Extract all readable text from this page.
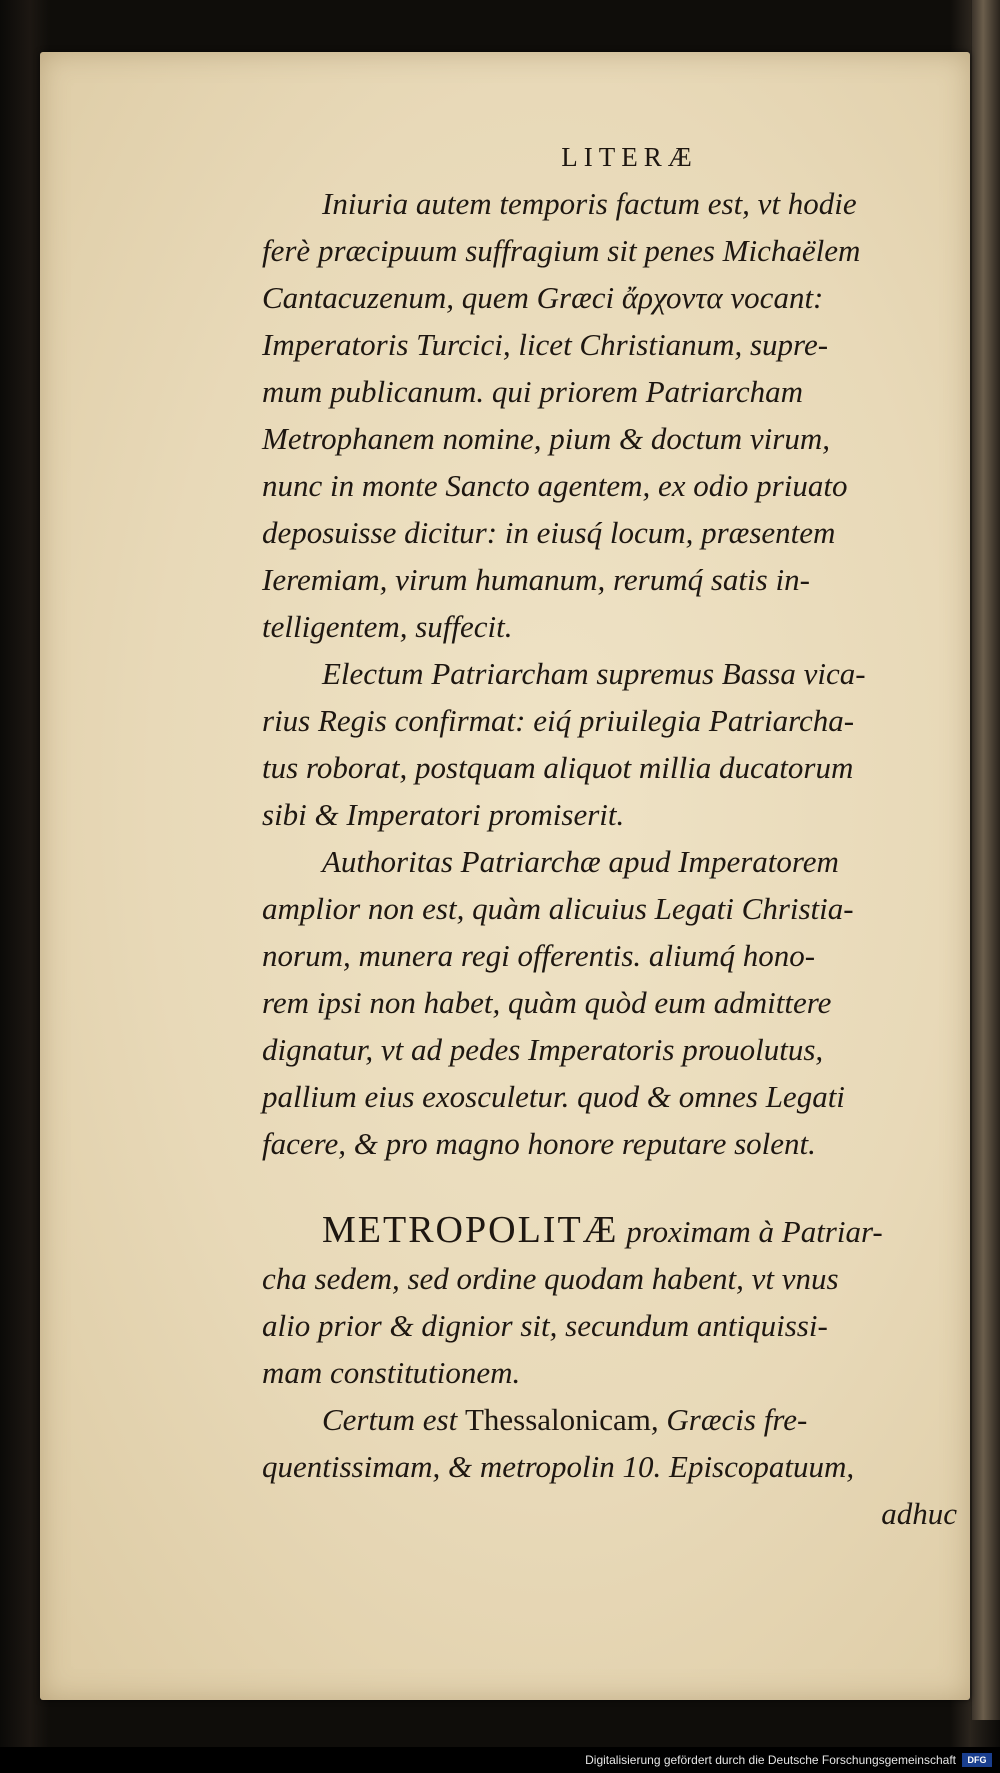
LITERÆ
Iniuria autem temporis factum est, vt hodie
ferè præcipuum suffragium sit penes Michaëlem
Cantacuzenum, quem Græci ἄρχοντα vocant:
Imperatoris Turcici, licet Christianum, supre-
mum publicanum. qui priorem Patriarcham
Metrophanem nomine, pium & doctum virum,
nunc in monte Sancto agentem, ex odio priuato
deposuisse dicitur: in eiusq́ locum, præsentem
Ieremiam, virum humanum, rerumq́ satis in-
telligentem, suffecit.
Electum Patriarcham supremus Bassa vica-
rius Regis confirmat: eiq́ priuilegia Patriarcha-
tus roborat, postquam aliquot millia ducatorum
sibi & Imperatori promiserit.
Authoritas Patriarchæ apud Imperatorem
amplior non est, quàm alicuius Legati Christia-
norum, munera regi offerentis. aliumq́ hono-
rem ipsi non habet, quàm quòd eum admittere
dignatur, vt ad pedes Imperatoris prouolutus,
pallium eius exosculetur. quod & omnes Legati
facere, & pro magno honore reputare solent.
METROPOLITÆ proximam à Patriar-
cha sedem, sed ordine quodam habent, vt vnus
alio prior & dignior sit, secundum antiquissi-
mam constitutionem.
Certum est Thessalonicam, Græcis fre-
quentissimam, & metropolin 10. Episcopatuum,
adhuc
Digitalisierung gefördert durch die Deutsche Forschungsgemeinschaft	DFG
